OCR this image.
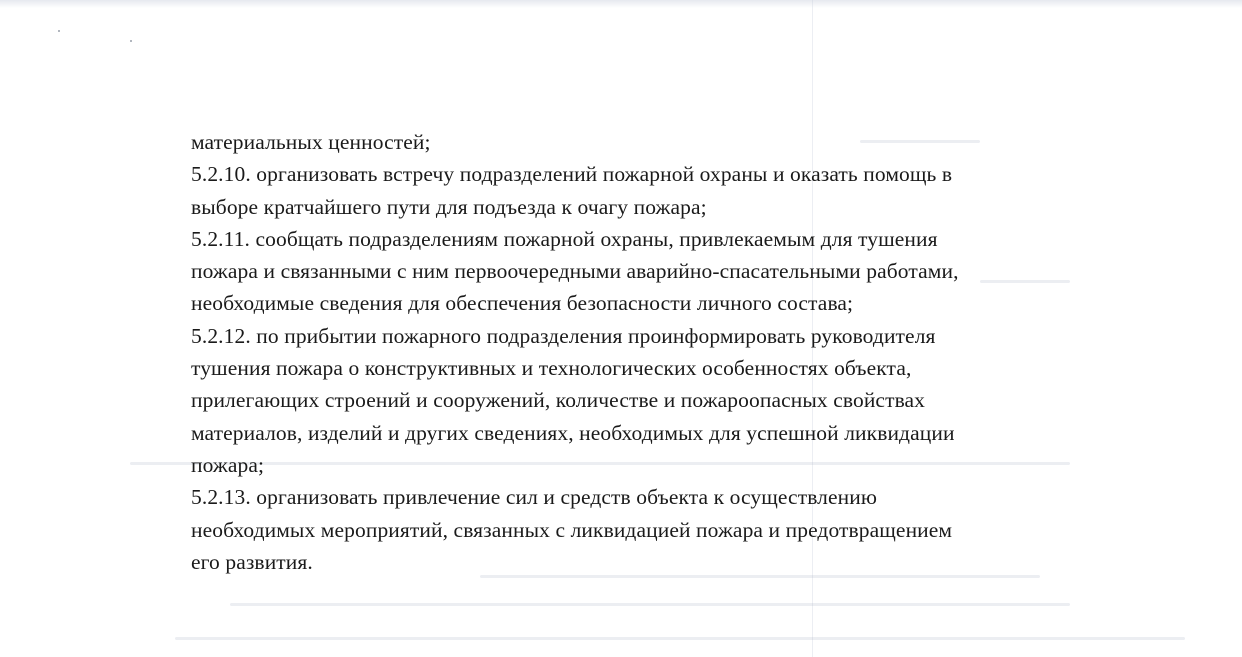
материальных ценностей;
5.2.10. организовать встречу подразделений пожарной охраны и оказать помощь в
выборе кратчайшего пути для подъезда к очагу пожара;
5.2.11. сообщать подразделениям пожарной охраны, привлекаемым для тушения
пожара и связанными с ним первоочередными аварийно-спасательными работами,
необходимые сведения для обеспечения безопасности личного состава;
5.2.12. по прибытии пожарного подразделения проинформировать руководителя
тушения пожара о конструктивных и технологических особенностях объекта,
прилегающих строений и сооружений, количестве и пожароопасных свойствах
материалов, изделий и других сведениях, необходимых для успешной ликвидации
пожара;
5.2.13. организовать привлечение сил и средств объекта к осуществлению
необходимых мероприятий, связанных с ликвидацией пожара и предотвращением
его развития.
